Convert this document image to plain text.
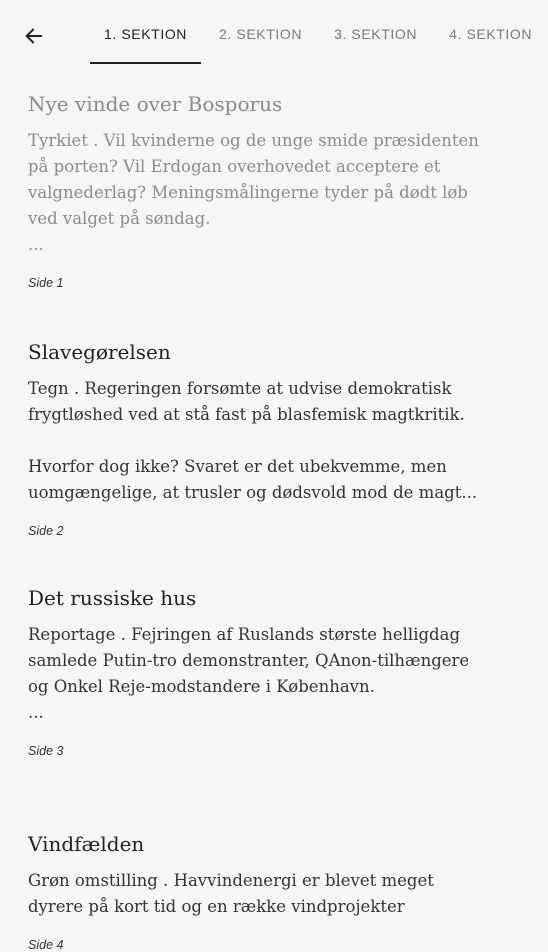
1. SEKTION	2. SEKTION	3. SEKTION	4. SEKTION
Nye vinde over Bosporus
Tyrkiet . Vil kvinderne og de unge smide præsidenten på porten? Vil Erdogan overhovedet acceptere et valgnederlag? Meningsmålingerne tyder på dødt løb ved valget på søndag.
...
Side 1
Slavegørelsen
Tegn . Regeringen forsømte at udvise demokratisk frygtløshed ved at stå fast på blasfemisk magtkritik.

Hvorfor dog ikke? Svaret er det ubekvemme, men uomgængelige, at trusler og dødsvold mod de magt...
Side 2
Det russiske hus
Reportage . Fejringen af Ruslands største helligdag samlede Putin-tro demonstranter, QAnon-tilhængere og Onkel Reje-modstandere i København.
...
Side 3
Vindfælden
Grøn omstilling . Havvindenergi er blevet meget dyrere på kort tid og en række vindprojekter
Side 4
